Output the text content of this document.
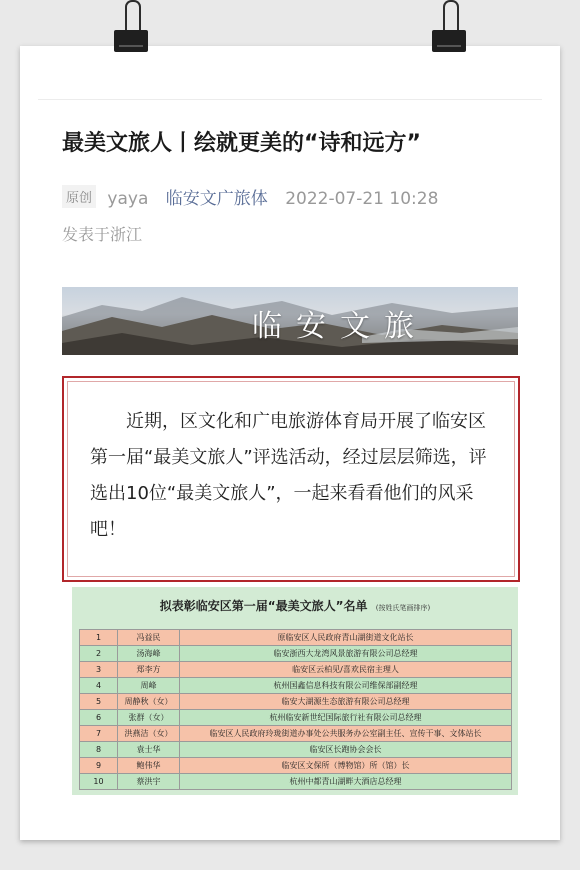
最美文旅人丨绘就更美的“诗和远方”
原创 yaya 临安文广旅体 2022-07-21 10:28
发表于浙江
临安文旅

近期，区文化和广电旅游体育局开展了临安区第一届“最美文旅人”评选活动，经过层层筛选，评选出10位“最美文旅人”，一起来看看他们的风采吧！

拟表彰临安区第一届“最美文旅人”名单 (按姓氏笔画排序)
1	冯益民	原临安区人民政府青山湖街道文化站长
2	汤海峰	临安浙西大龙湾风景旅游有限公司总经理
3	郑李方	临安区云柏见/喜欢民宿主理人
4	周峰	杭州国鑫信息科技有限公司维保部副经理
5	周静秋（女）	临安大湖源生态旅游有限公司总经理
6	张群（女）	杭州临安新世纪国际旅行社有限公司总经理
7	洪燕洁（女）	临安区人民政府玲珑街道办事处公共服务办公室副主任、宣传干事、文体站长
8	袁士华	临安区长跑协会会长
9	鲍伟华	临安区文保所（博物馆）所（馆）长
10	蔡洪宇	杭州中都青山湖畔大酒店总经理
